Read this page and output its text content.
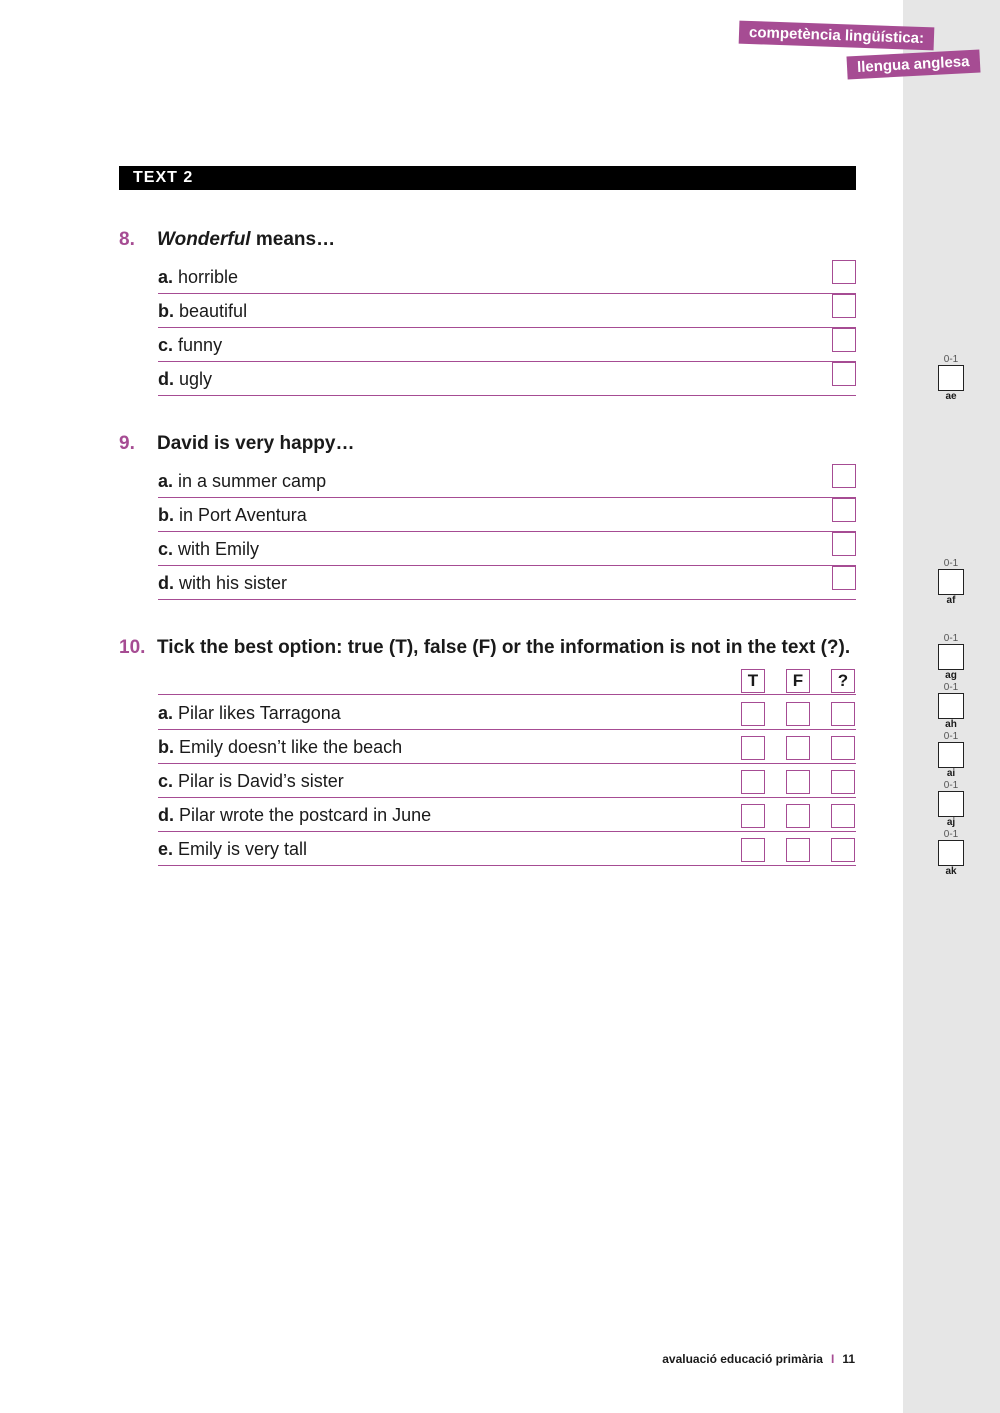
competència lingüística:
llengua anglesa
TEXT 2
8. Wonderful means…
a. horrible
b. beautiful
c. funny
d. ugly
9. David is very happy…
a. in a summer camp
b. in Port Aventura
c. with Emily
d. with his sister
10. Tick the best option: true (T), false (F) or the information is not in the text (?).
T	F	?
a. Pilar likes Tarragona
b. Emily doesn’t like the beach
c. Pilar is David’s sister
d. Pilar wrote the postcard in June
e. Emily is very tall
0-1
ae
0-1
af
0-1
ag
0-1
ah
0-1
ai
0-1
aj
0-1
ak
avaluació educació primària I 11
